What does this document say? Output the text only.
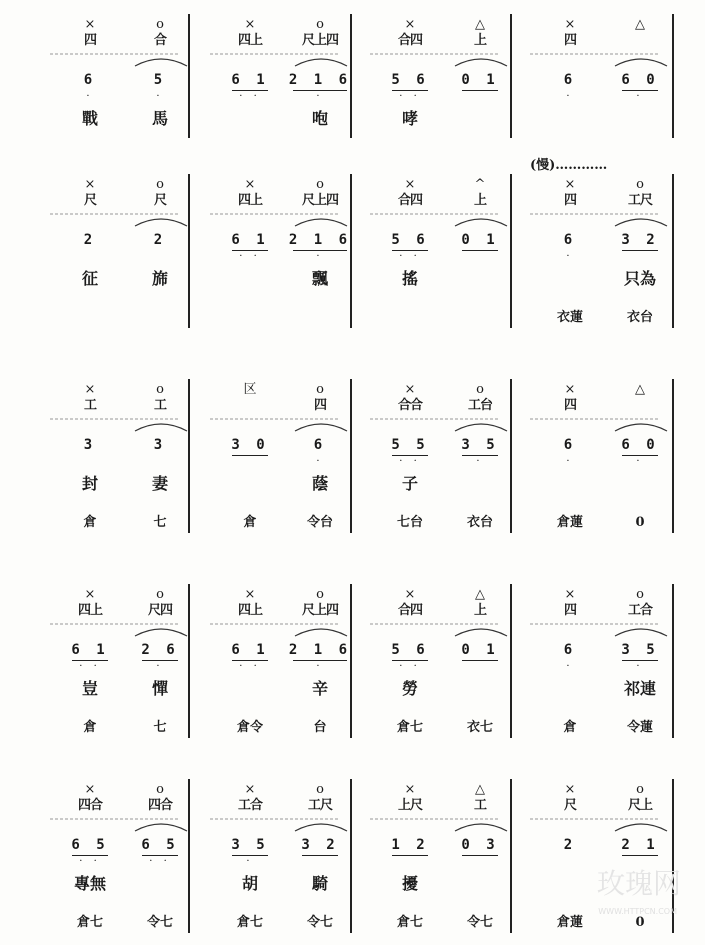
×
四
6
·
戰
o
合
5
·
馬
×
四上
6 1
· ·
o
尺上四
2 1 6
·
咆
×
合四
5 6
· ·
哮
△
上
0 1
×
四
6
·
△
6 0
·
(慢)…………
×
尺
2
征
o
尺
2
旆
×
四上
6 1
· ·
o
尺上四
2 1 6
·
飄
×
合四
5 6
· ·
搖
^
上
0 1
×
四
6
·
衣蓮
o
工尺
3 2
只為
衣台
×
工
3
封
倉
o
工
3
妻
七
区
3 0
倉
o
四
6
·
蔭
令台
×
合合
5 5
· ·
子
七台
o
工台
3 5
·
衣台
×
四
6
·
倉蓮
△
6 0
·
0
×
四上
6 1
· ·
豈
倉
o
尺四
2 6
·
憚
七
×
四上
6 1
· ·
倉令
o
尺上四
2 1 6
·
辛
台
×
合四
5 6
· ·
勞
倉七
△
上
0 1
衣七
×
四
6
·
倉
o
工合
3 5
·
祁連
令蓮
×
四合
6 5
· ·
專無
倉七
o
四合
6 5
· ·
令七
×
工合
3 5
·
胡
倉七
o
工尺
3 2
騎
令七
×
上尺
1 2
擾
倉七
△
工
0 3
令七
×
尺
2
倉蓮
o
尺上
2 1
0
玫瑰网
WWW.HTTPCN.COM
